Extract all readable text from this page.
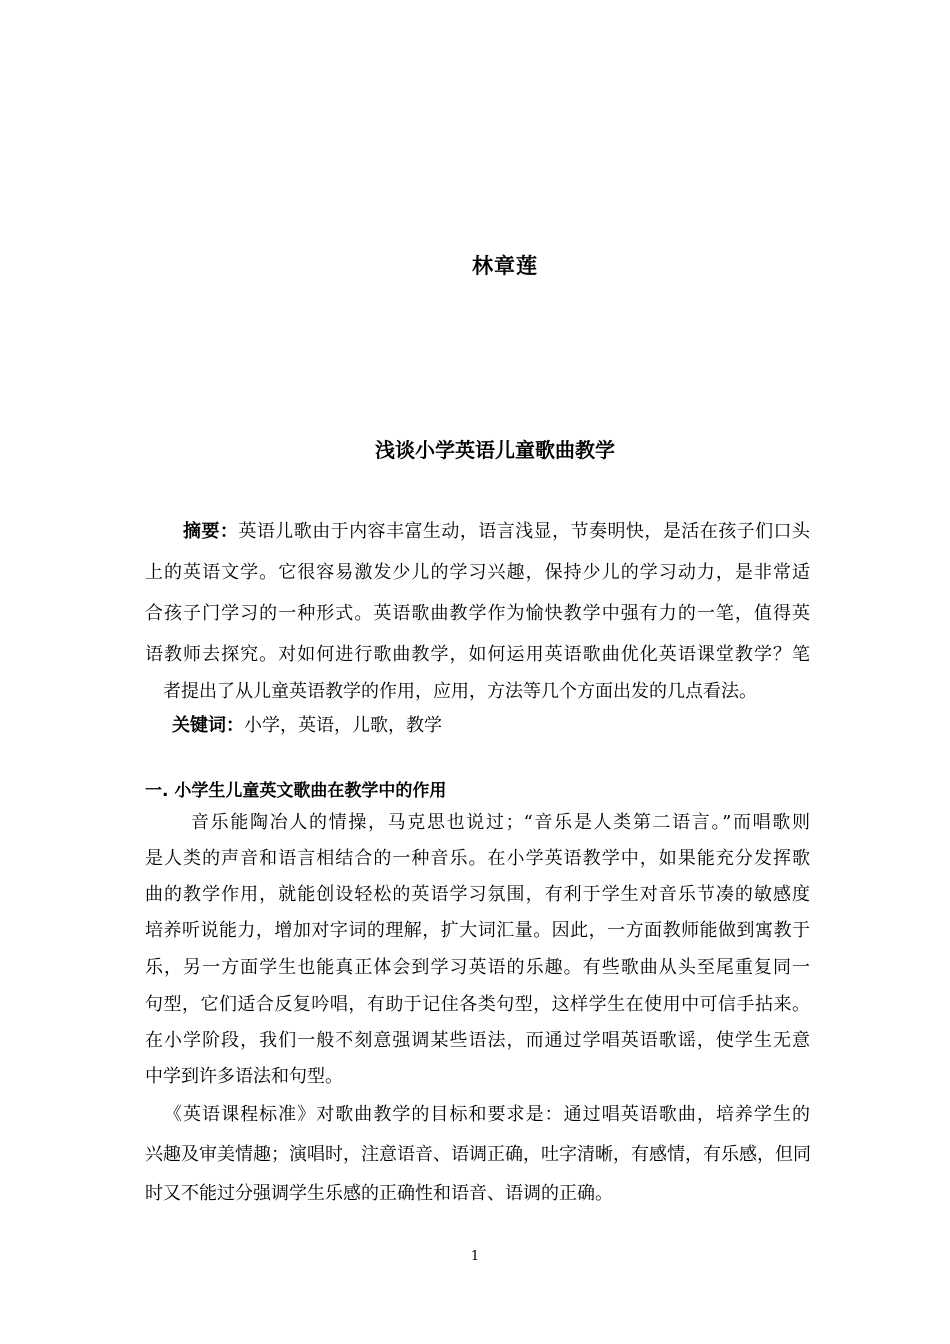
林章莲
浅谈小学英语儿童歌曲教学
摘要：英语儿歌由于内容丰富生动，语言浅显，节奏明快，是活在孩子们口头
上的英语文学。它很容易激发少儿的学习兴趣，保持少儿的学习动力，是非常适
合孩子门学习的一种形式。英语歌曲教学作为愉快教学中强有力的一笔，值得英
语教师去探究。对如何进行歌曲教学，如何运用英语歌曲优化英语课堂教学？笔
者提出了从儿童英语教学的作用，应用，方法等几个方面出发的几点看法。
关键词：小学，英语，儿歌，教学
一. 小学生儿童英文歌曲在教学中的作用
音乐能陶冶人的情操，马克思也说过；“音乐是人类第二语言。”而唱歌则
是人类的声音和语言相结合的一种音乐。在小学英语教学中，如果能充分发挥歌
曲的教学作用，就能创设轻松的英语学习氛围，有利于学生对音乐节凑的敏感度
培养听说能力，增加对字词的理解，扩大词汇量。因此，一方面教师能做到寓教于
乐，另一方面学生也能真正体会到学习英语的乐趣。有些歌曲从头至尾重复同一
句型，它们适合反复吟唱，有助于记住各类句型，这样学生在使用中可信手拈来。
在小学阶段，我们一般不刻意强调某些语法，而通过学唱英语歌谣，使学生无意
中学到许多语法和句型。
《英语课程标准》对歌曲教学的目标和要求是：通过唱英语歌曲，培养学生的
兴趣及审美情趣；演唱时，注意语音、语调正确，吐字清晰，有感情，有乐感，但同
时又不能过分强调学生乐感的正确性和语音、语调的正确。
1
